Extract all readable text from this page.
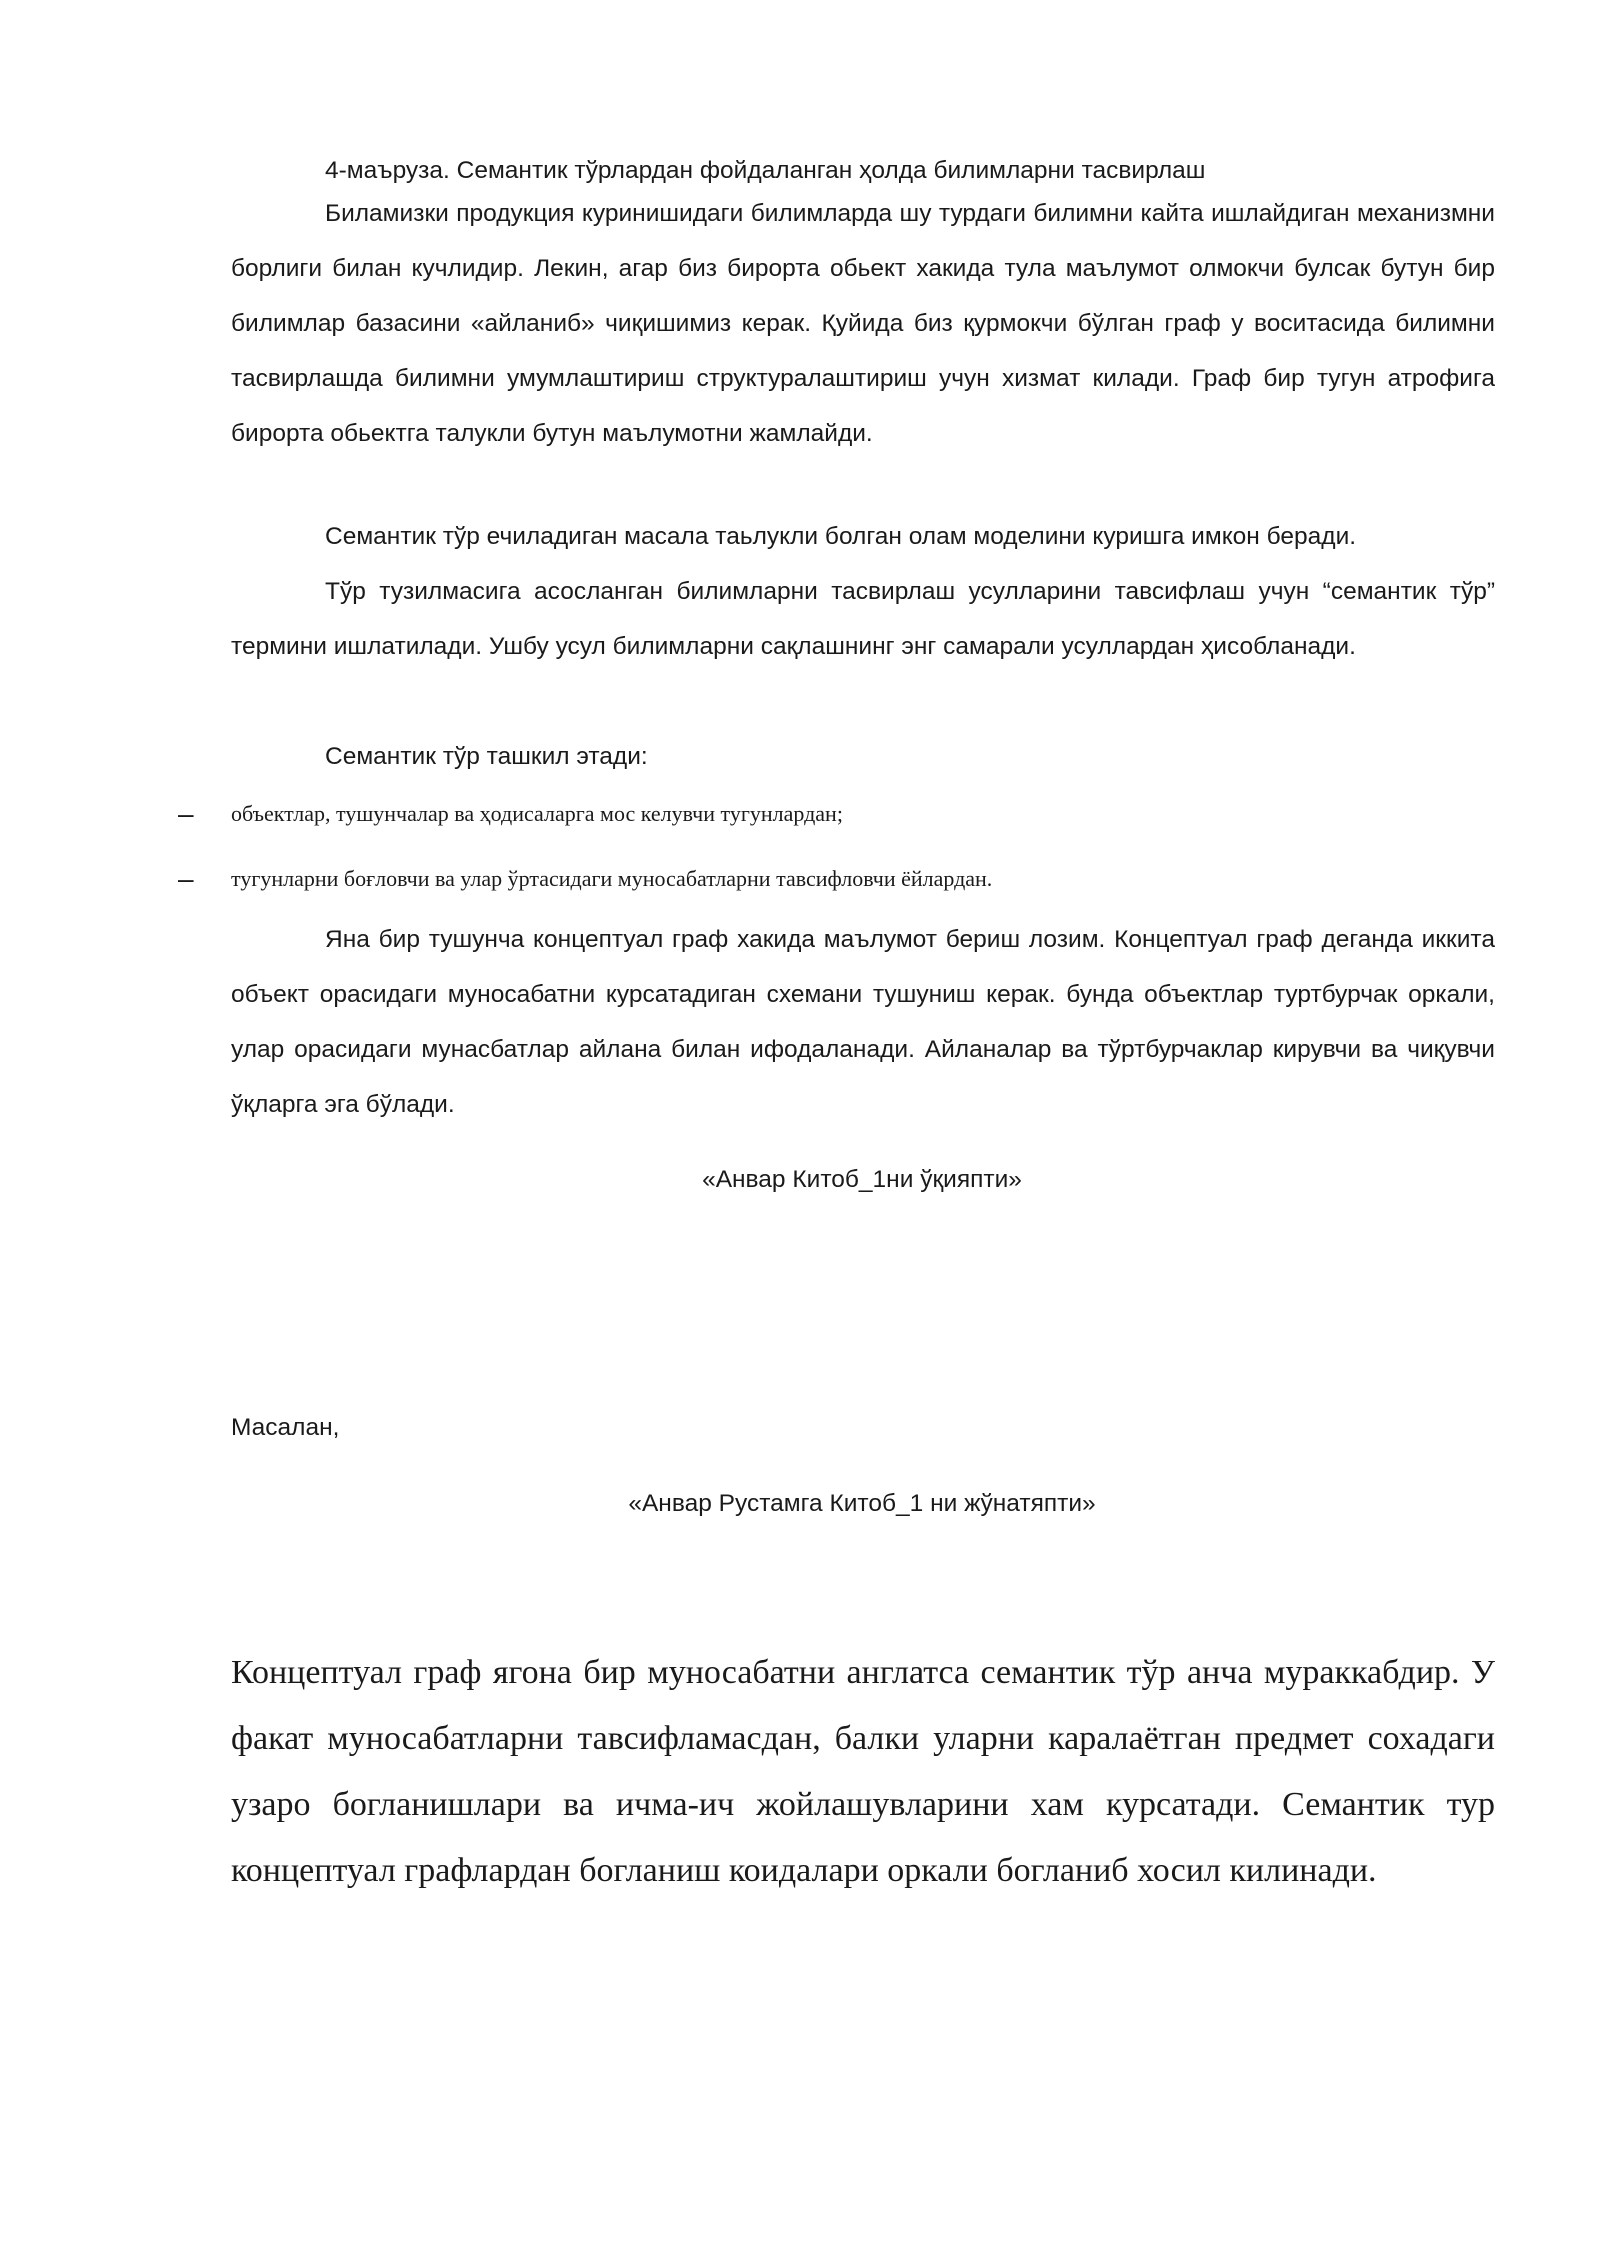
4-маъруза. Семантик тўрлардан фойдаланган ҳолда билимларни тасвирлаш

Биламизки продукция куринишидаги билимларда шу турдаги билимни кайта ишлайдиган механизмни борлиги билан кучлидир. Лекин, агар биз бирорта обьект хакида тула маълумот олмокчи булсак бутун бир билимлар базасини «айланиб» чиқишимиз керак. Қуйида биз қурмокчи бўлган граф у воситасида билимни тасвирлашда билимни умумлаштириш структуралаштириш учун хизмат килади. Граф бир тугун атрофига бирорта обьектга талукли бутун маълумотни жамлайди.

Семантик тўр ечиладиган масала таьлукли болган олам моделини куришга имкон беради.

Тўр тузилмасига асосланган билимларни тасвирлаш усулларини тавсифлаш учун “семантик тўр” термини ишлатилади. Ушбу усул билимларни сақлашнинг энг самарали усуллардан ҳисобланади.

Семантик тўр ташкил этади:

– объектлар, тушунчалар ва ҳодисаларга мос келувчи тугунлардан;
– тугунларни боғловчи ва улар ўртасидаги муносабатларни тавсифловчи ёйлардан.

Яна бир тушунча концептуал граф хакида маълумот бериш лозим. Концептуал граф деганда иккита объект орасидаги муносабатни курсатадиган схемани тушуниш керак. бунда объектлар туртбурчак оркали, улар орасидаги мунасбатлар айлана билан ифодаланади. Айланалар ва тўртбурчаклар кирувчи ва чиқувчи ўқларга эга бўлади.

«Анвар Китоб_1ни ўқияпти»

Масалан,

«Анвар Рустамга Китоб_1 ни жўнатяпти»

Концептуал граф ягона бир муносабатни англатса семантик тўр анча мураккабдир. У факат муносабатларни тавсифламасдан, балки уларни каралаётган предмет сохадаги узаро богланишлари ва ичма-ич жойлашувларини хам курсатади. Семантик тур концептуал графлардан богланиш коидалари оркали богланиб хосил килинади.
